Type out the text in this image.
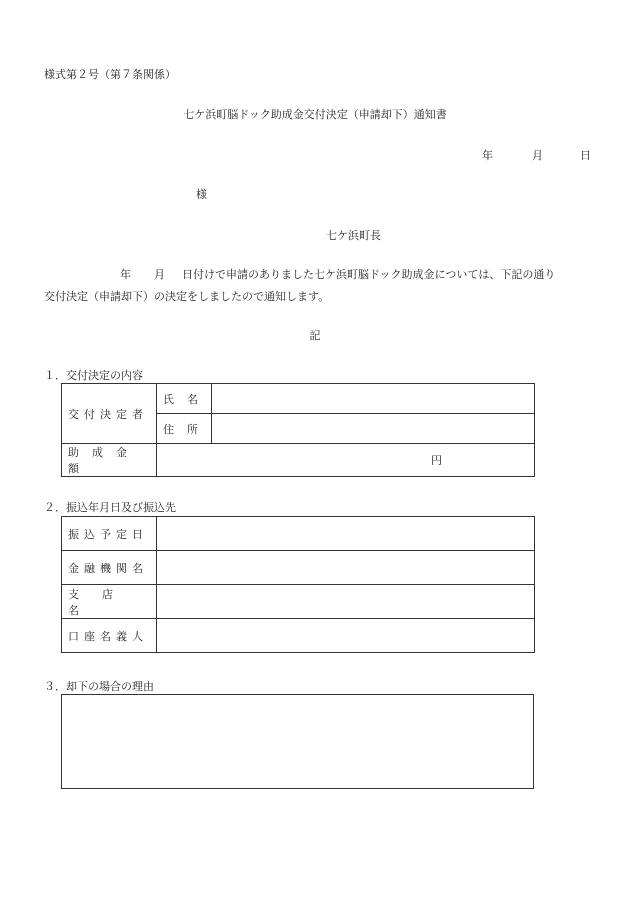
様式第２号（第７条関係）
七ケ浜町脳ドック助成金交付決定（申請却下）通知書
年	月	日
様
七ケ浜町長
年 月 日付けで申請のありました七ケ浜町脳ドック助成金については、下記の通り
交付決定（申請却下）の決定をしましたので通知します。
記
１．交付決定の内容
交付決定者	氏名	
	住所	
助成金額	円	
２．振込年月日及び振込先
振込予定日	
金融機関名	
支店名	
口座名義人	
３．却下の場合の理由
